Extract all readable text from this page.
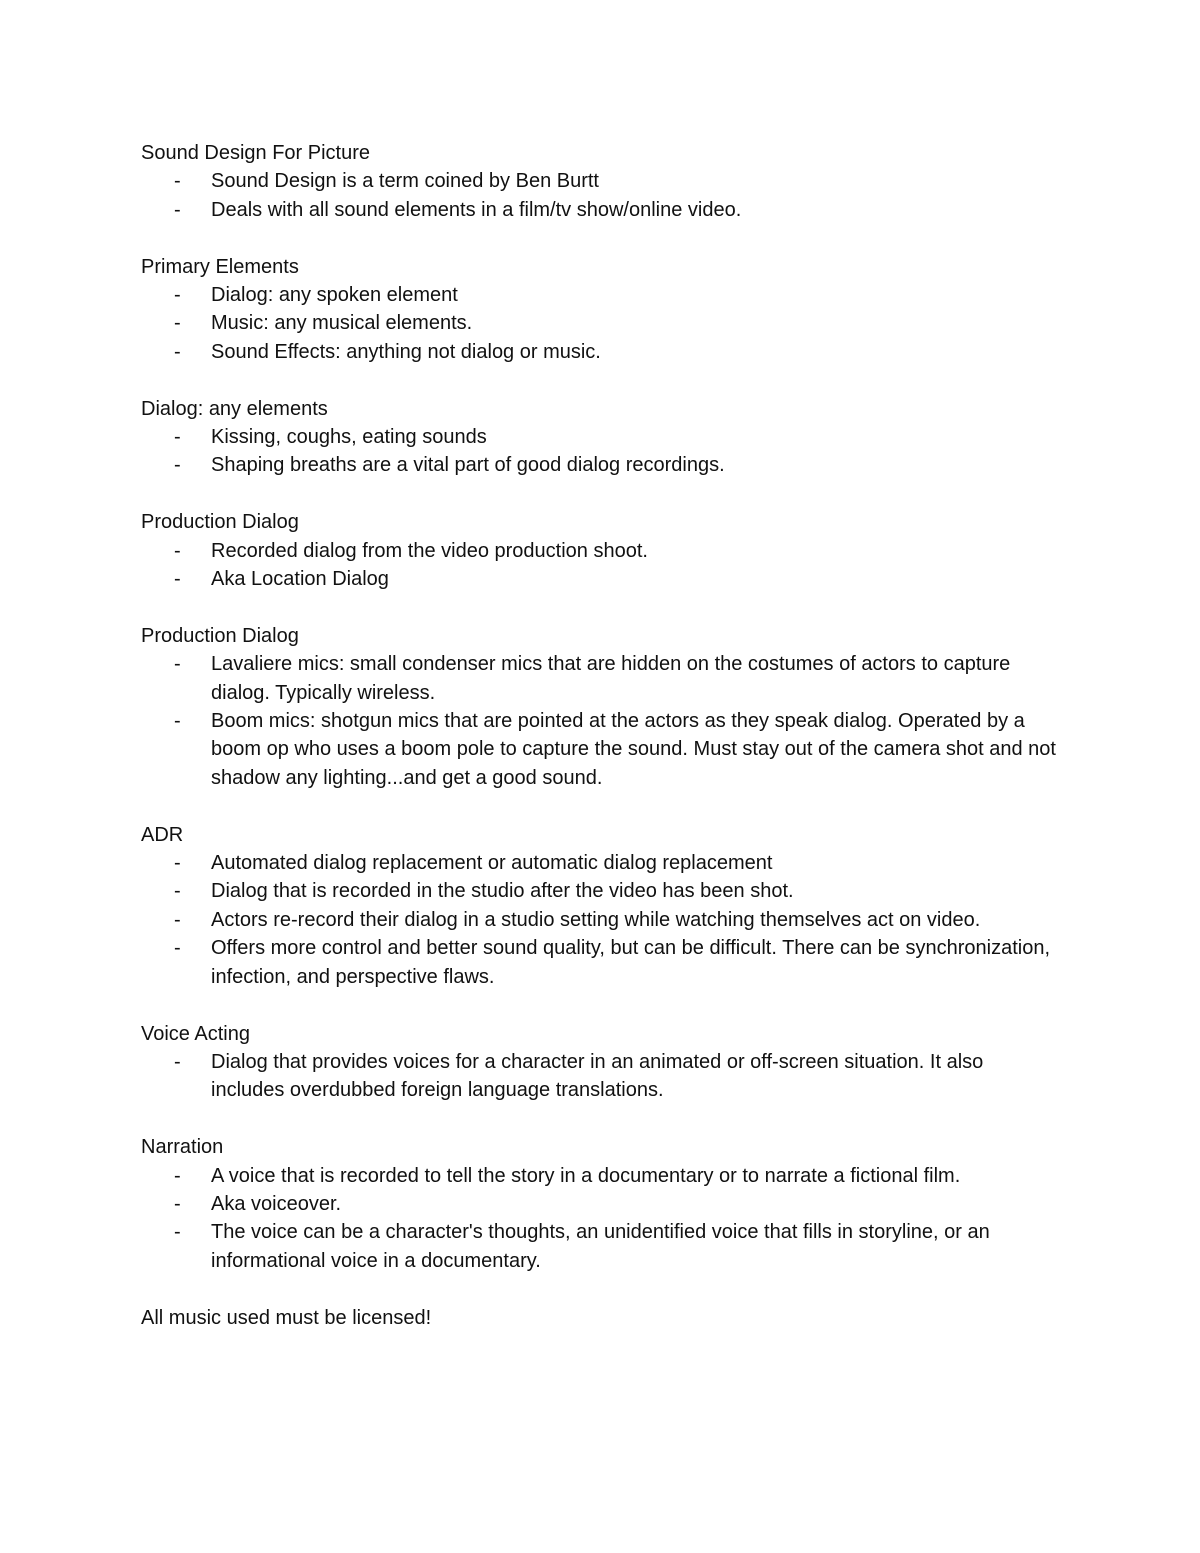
Sound Design For Picture

- Sound Design is a term coined by Ben Burtt
- Deals with all sound elements in a film/tv show/online video.

Primary Elements

- Dialog: any spoken element
- Music: any musical elements.
- Sound Effects: anything not dialog or music.

Dialog: any elements

- Kissing, coughs, eating sounds
- Shaping breaths are a vital part of good dialog recordings.

Production Dialog

- Recorded dialog from the video production shoot.
- Aka Location Dialog

Production Dialog

- Lavaliere mics: small condenser mics that are hidden on the costumes of actors to capture dialog. Typically wireless.
- Boom mics: shotgun mics that are pointed at the actors as they speak dialog. Operated by a boom op who uses a boom pole to capture the sound. Must stay out of the camera shot and not shadow any lighting...and get a good sound.

ADR

- Automated dialog replacement or automatic dialog replacement
- Dialog that is recorded in the studio after the video has been shot.
- Actors re-record their dialog in a studio setting while watching themselves act on video.
- Offers more control and better sound quality, but can be difficult. There can be synchronization, infection, and perspective flaws.

Voice Acting

- Dialog that provides voices for a character in an animated or off-screen situation. It also includes overdubbed foreign language translations.

Narration

- A voice that is recorded to tell the story in a documentary or to narrate a fictional film.
- Aka voiceover.
- The voice can be a character's thoughts, an unidentified voice that fills in storyline, or an informational voice in a documentary.

All music used must be licensed!
